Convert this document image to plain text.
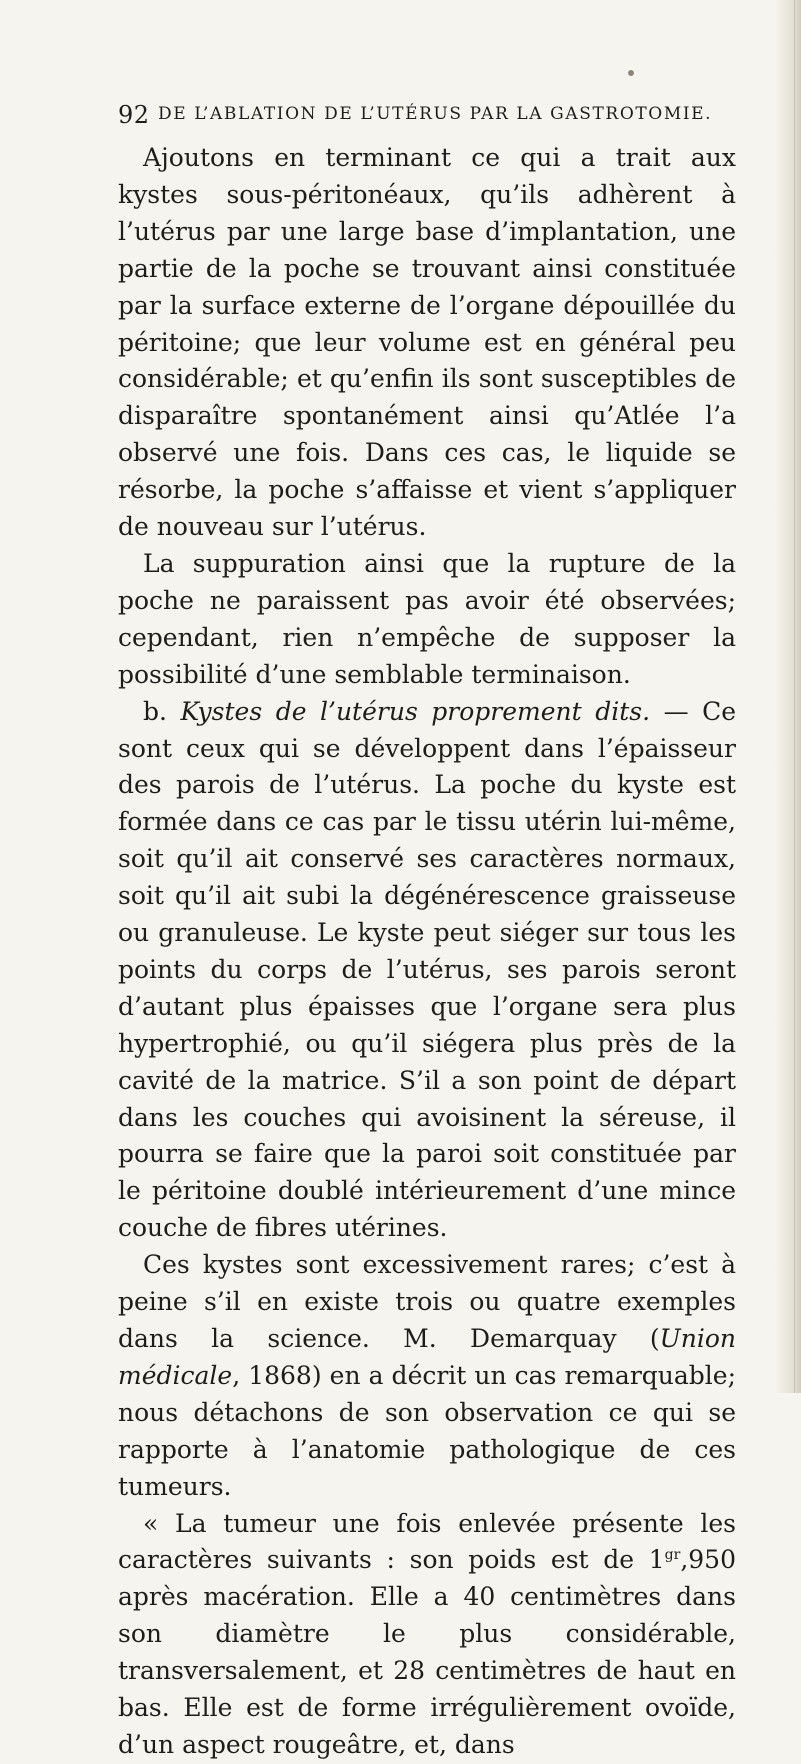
92 DE L’ABLATION DE L’UTÉRUS PAR LA GASTROTOMIE.

Ajoutons en terminant ce qui a trait aux kystes sous-péritonéaux, qu’ils adhèrent à l’utérus par une large base d’implantation, une partie de la poche se trouvant ainsi constituée par la surface externe de l’organe dépouillée du péritoine; que leur volume est en général peu considérable; et qu’enfin ils sont susceptibles de disparaître spontanément ainsi qu’Atlée l’a observé une fois. Dans ces cas, le liquide se résorbe, la poche s’affaisse et vient s’appliquer de nouveau sur l’utérus.

La suppuration ainsi que la rupture de la poche ne paraissent pas avoir été observées; cependant, rien n’empêche de supposer la possibilité d’une semblable terminaison.

b. Kystes de l’utérus proprement dits. — Ce sont ceux qui se développent dans l’épaisseur des parois de l’utérus. La poche du kyste est formée dans ce cas par le tissu utérin lui-même, soit qu’il ait conservé ses caractères normaux, soit qu’il ait subi la dégénérescence graisseuse ou granuleuse. Le kyste peut siéger sur tous les points du corps de l’utérus, ses parois seront d’autant plus épaisses que l’organe sera plus hypertrophié, ou qu’il siégera plus près de la cavité de la matrice. S’il a son point de départ dans les couches qui avoisinent la séreuse, il pourra se faire que la paroi soit constituée par le péritoine doublé intérieurement d’une mince couche de fibres utérines.

Ces kystes sont excessivement rares; c’est à peine s’il en existe trois ou quatre exemples dans la science. M. Demarquay (Union médicale, 1868) en a décrit un cas remarquable; nous détachons de son observation ce qui se rapporte à l’anatomie pathologique de ces tumeurs.

« La tumeur une fois enlevée présente les caractères suivants : son poids est de $1^{gr},950$ après macération. Elle a 40 centimètres dans son diamètre le plus considérable, transversalement, et 28 centimètres de haut en bas. Elle est de forme irrégulièrement ovoïde, d’un aspect rougeâtre, et, dans
